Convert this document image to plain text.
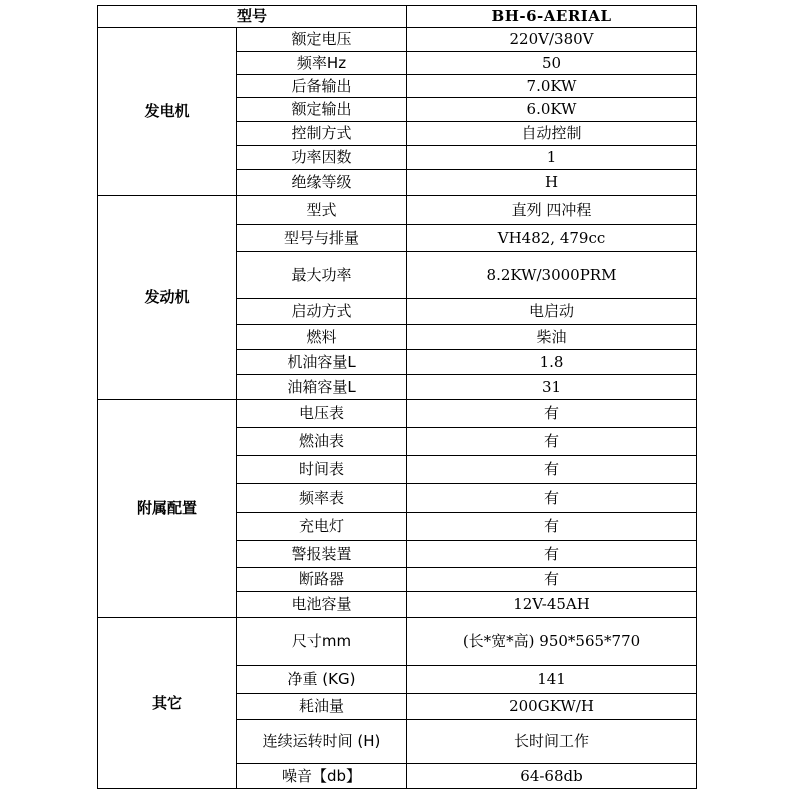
型号		BH-6-AERIAL
发电机	额定电压	220V/380V
	频率Hz	50
	后备输出	7.0KW
	额定输出	6.0KW
	控制方式	自动控制
	功率因数	1
	绝缘等级	H
发动机	型式	直列 四冲程
	型号与排量	VH482, 479cc
	最大功率	8.2KW/3000PRM
	启动方式	电启动
	燃料	柴油
	机油容量L	1.8
	油箱容量L	31
附属配置	电压表	有
	燃油表	有
	时间表	有
	频率表	有
	充电灯	有
	警报装置	有
	断路器	有
	电池容量	12V-45AH
其它	尺寸mm	(长*宽*高) 950*565*770
	净重 (KG)	141
	耗油量	200GKW/H
	连续运转时间 (H)	长时间工作
	噪音【db】	64-68db
